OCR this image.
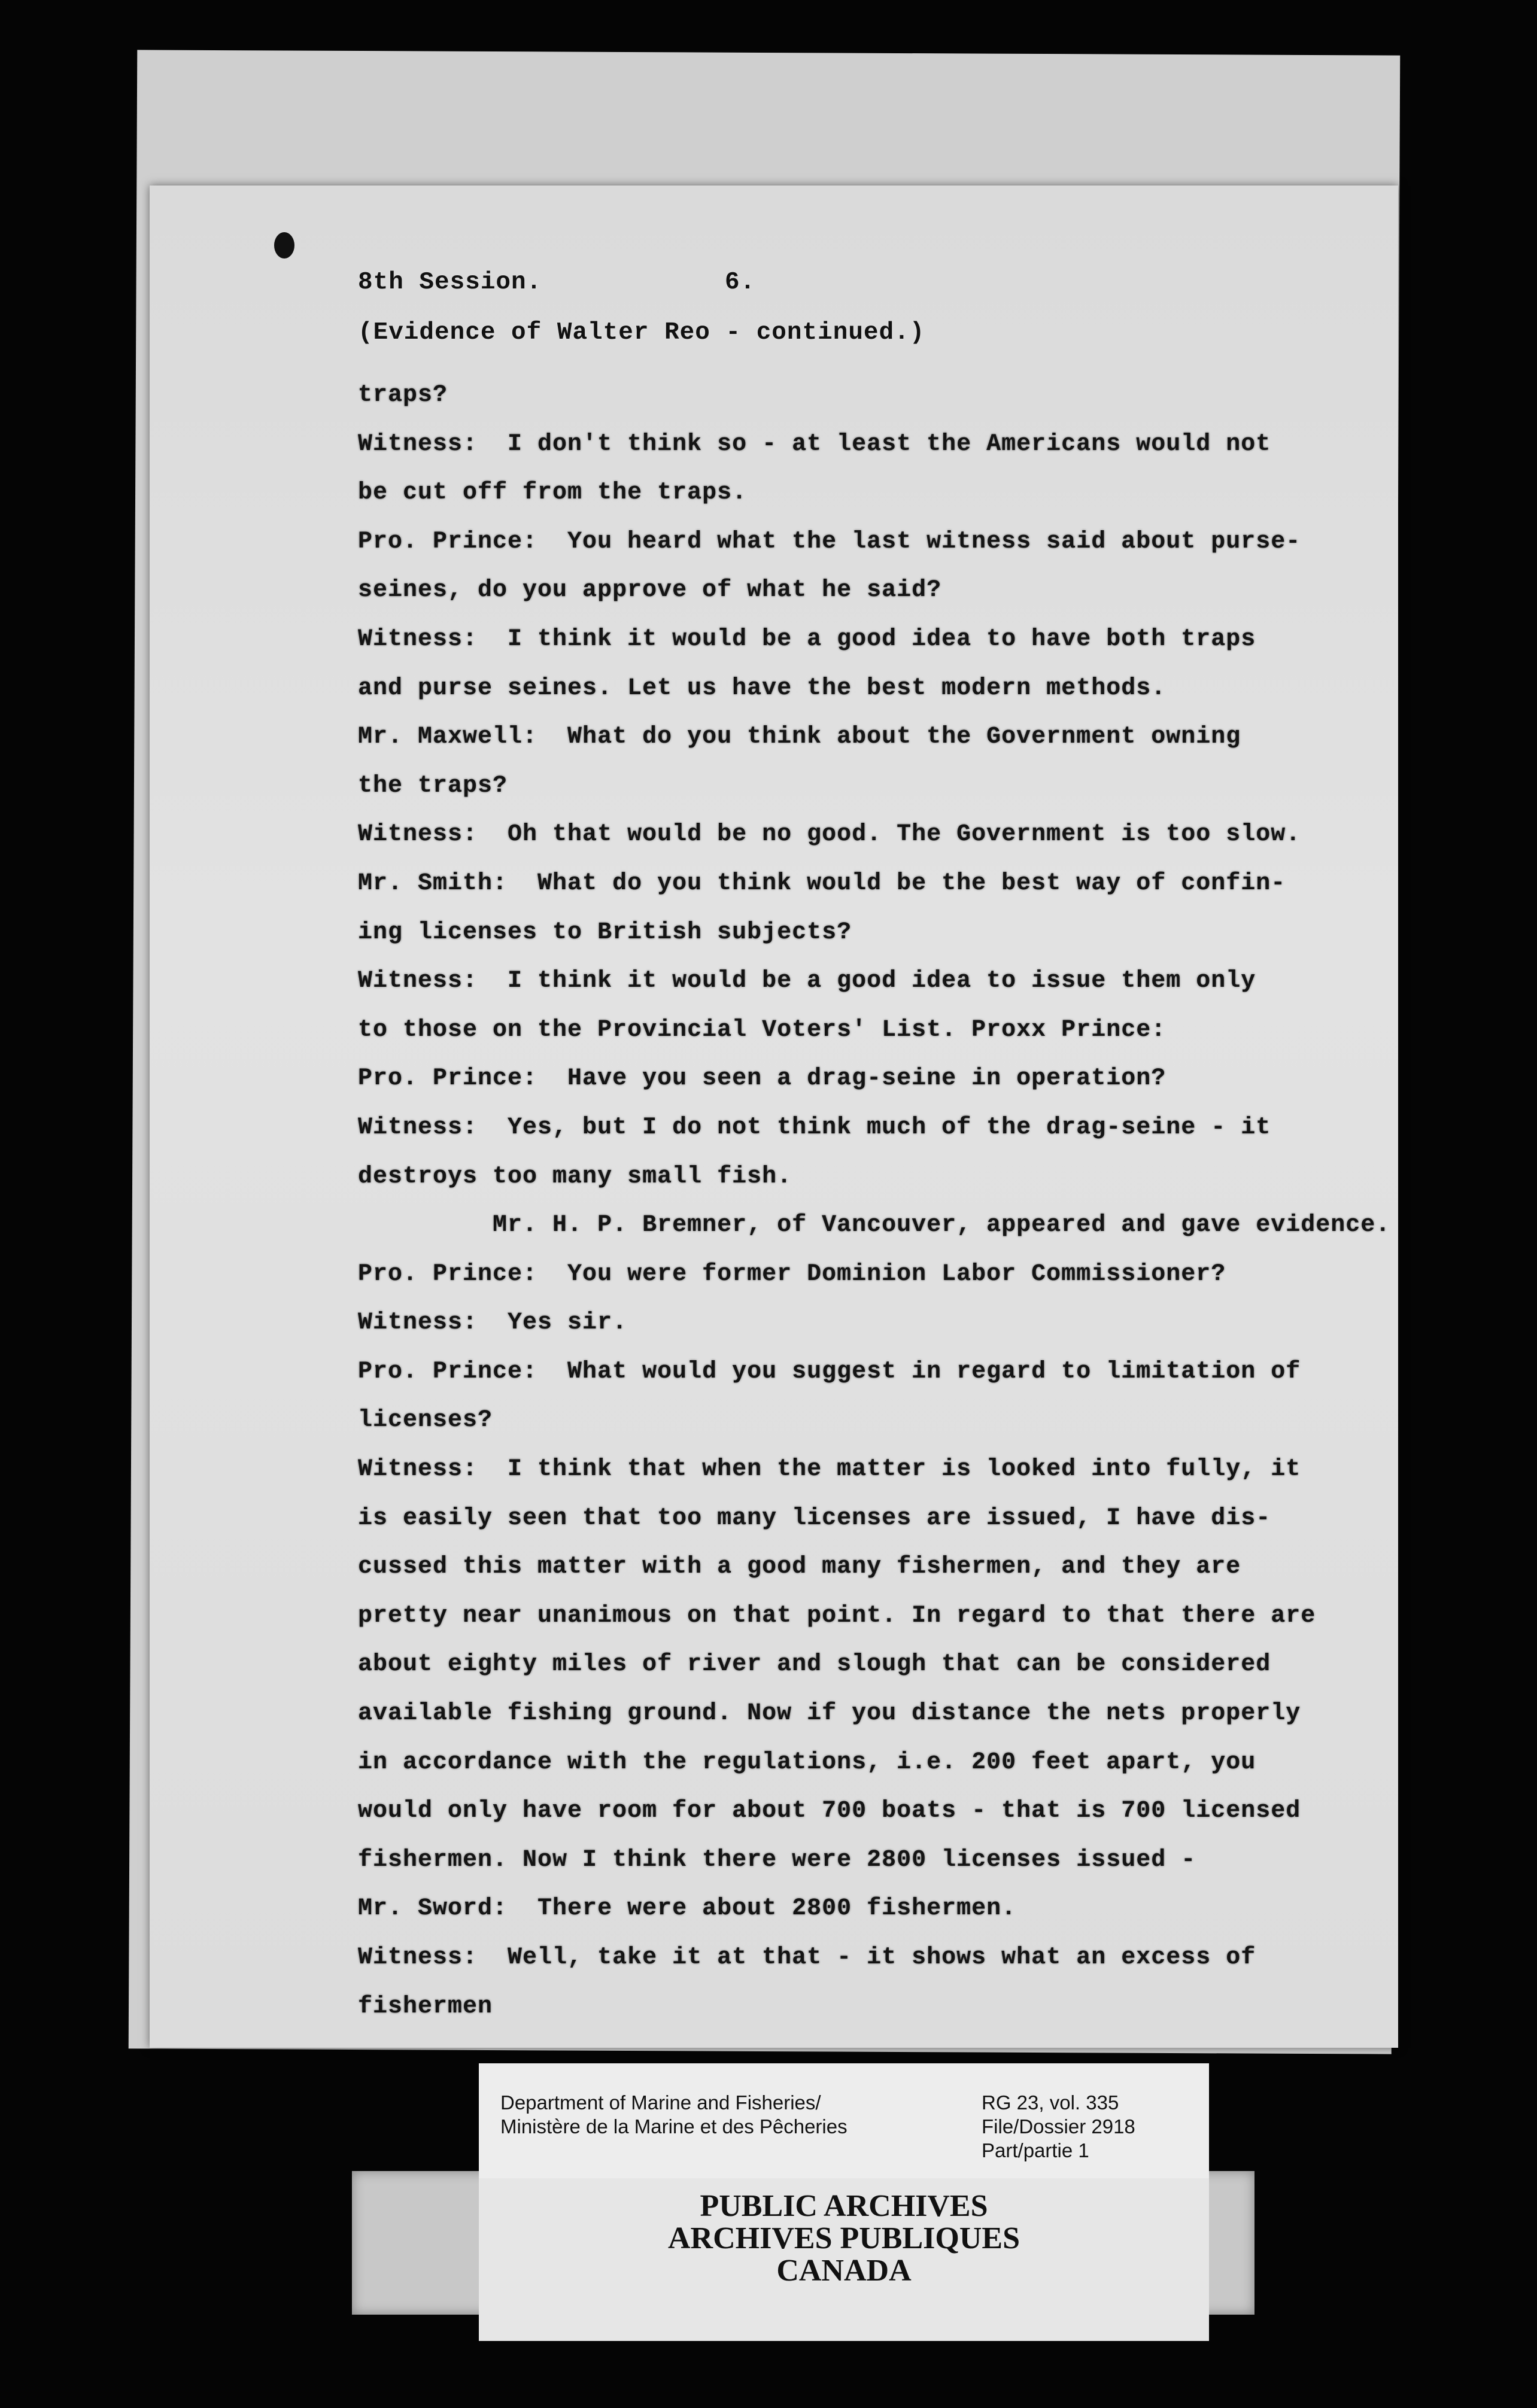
8th Session.	6.
(Evidence of Walter Reo - continued.)
traps?
Witness:  I don't think so - at least the Americans would not
be cut off from the traps.
Pro. Prince:  You heard what the last witness said about purse-
seines, do you approve of what he said?
Witness:  I think it would be a good idea to have both traps
and purse seines. Let us have the best modern methods.
Mr. Maxwell:  What do you think about the Government owning
the traps?
Witness:  Oh that would be no good. The Government is too slow.
Mr. Smith:  What do you think would be the best way of confin-
ing licenses to British subjects?
Witness:  I think it would be a good idea to issue them only
to those on the Provincial Voters' List. Proxx Prince:
Pro. Prince:  Have you seen a drag-seine in operation?
Witness:  Yes, but I do not think much of the drag-seine - it
destroys too many small fish.
Mr. H. P. Bremner, of Vancouver, appeared and gave evidence.
Pro. Prince:  You were former Dominion Labor Commissioner?
Witness:  Yes sir.
Pro. Prince:  What would you suggest in regard to limitation of
licenses?
Witness:  I think that when the matter is looked into fully, it
is easily seen that too many licenses are issued, I have dis-
cussed this matter with a good many fishermen, and they are
pretty near unanimous on that point. In regard to that there are
about eighty miles of river and slough that can be considered
available fishing ground. Now if you distance the nets properly
in accordance with the regulations, i.e. 200 feet apart, you
would only have room for about 700 boats - that is 700 licensed
fishermen. Now I think there were 2800 licenses issued -
Mr. Sword:  There were about 2800 fishermen.
Witness:  Well, take it at that - it shows what an excess of
fishermen
Department of Marine and Fisheries/
Ministère de la Marine et des Pêcheries
RG 23, vol. 335
File/Dossier 2918
Part/partie 1
PUBLIC ARCHIVES
ARCHIVES PUBLIQUES
CANADA
